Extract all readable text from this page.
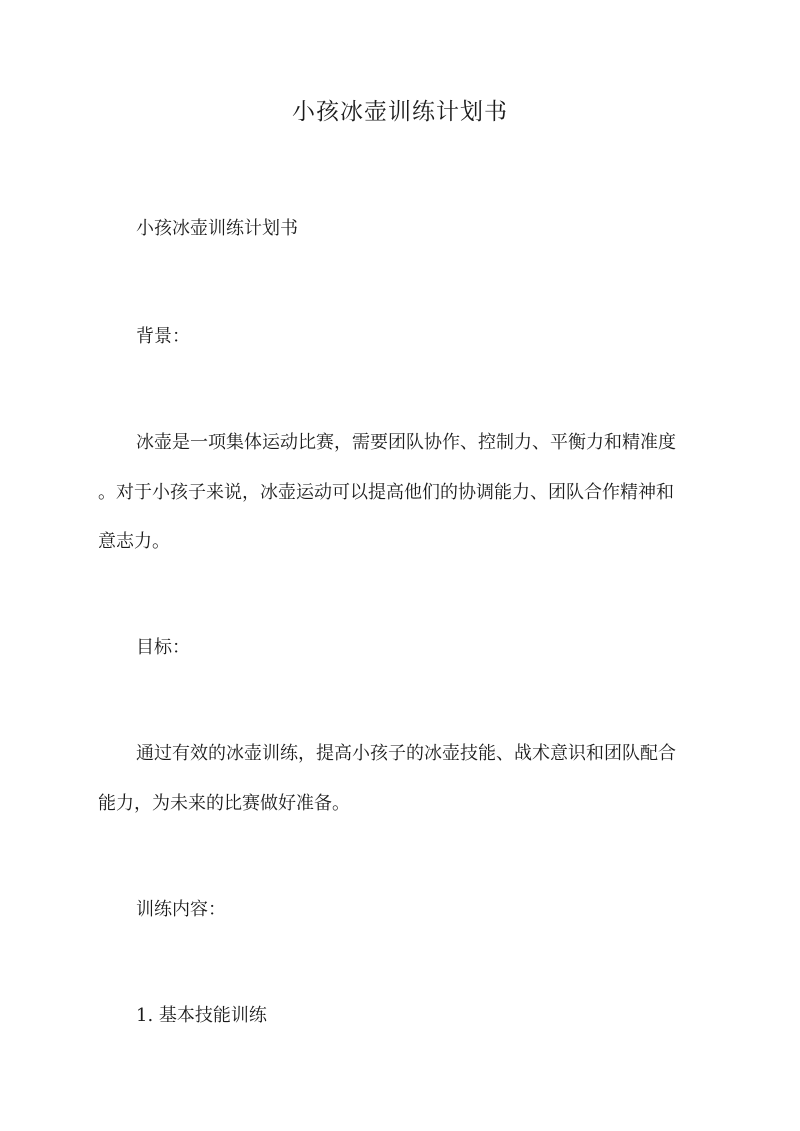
小孩冰壶训练计划书
小孩冰壶训练计划书
背景：
冰壶是一项集体运动比赛，需要团队协作、控制力、平衡力和精准度
。对于小孩子来说，冰壶运动可以提高他们的协调能力、团队合作精神和
意志力。
目标：
通过有效的冰壶训练，提高小孩子的冰壶技能、战术意识和团队配合
能力，为未来的比赛做好准备。
训练内容：
1. 基本技能训练
